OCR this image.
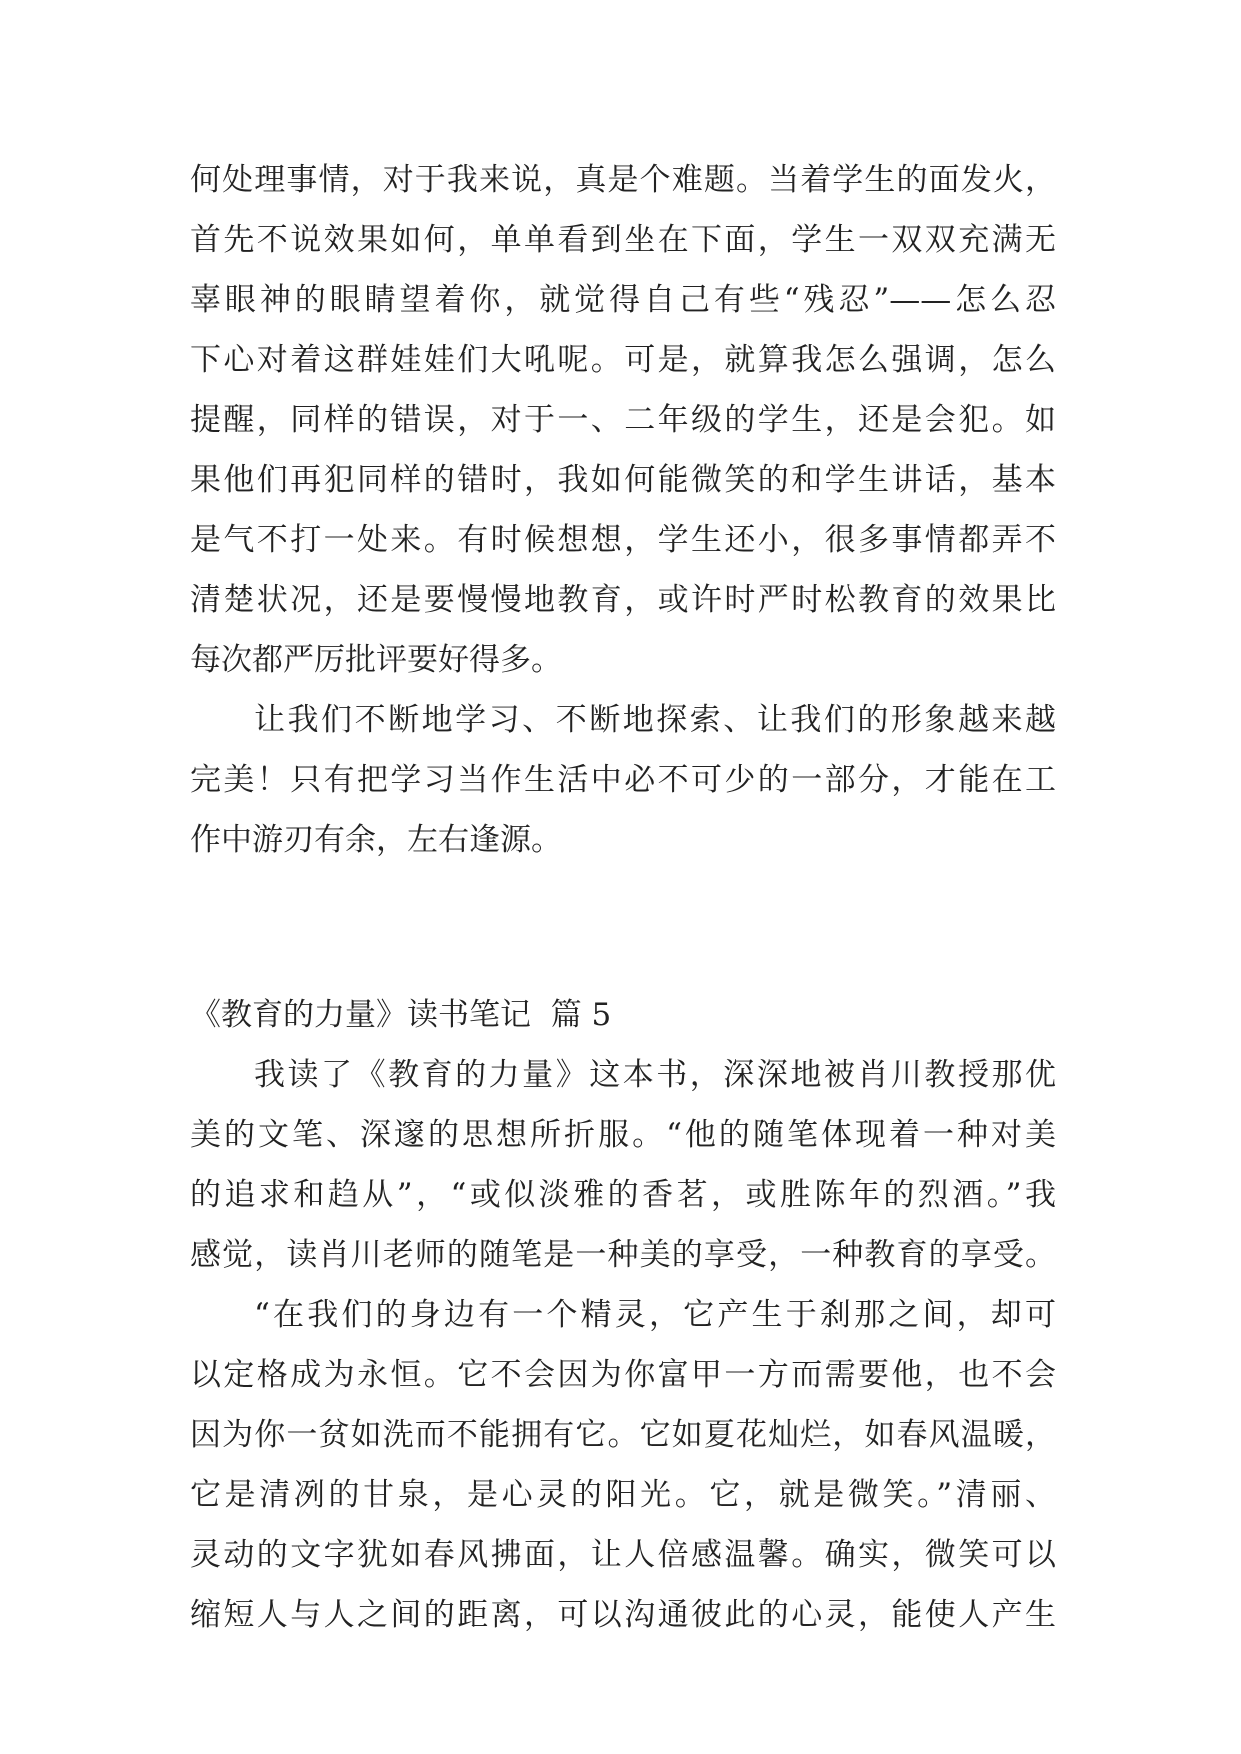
何处理事情，对于我来说，真是个难题。当着学生的面发火，
首先不说效果如何，单单看到坐在下面，学生一双双充满无
辜眼神的眼睛望着你，就觉得自己有些“残忍”——怎么忍
下心对着这群娃娃们大吼呢。可是，就算我怎么强调，怎么
提醒，同样的错误，对于一、二年级的学生，还是会犯。如
果他们再犯同样的错时，我如何能微笑的和学生讲话，基本
是气不打一处来。有时候想想，学生还小，很多事情都弄不
清楚状况，还是要慢慢地教育，或许时严时松教育的效果比
每次都严厉批评要好得多。
让我们不断地学习、不断地探索、让我们的形象越来越
完美！只有把学习当作生活中必不可少的一部分，才能在工
作中游刃有余，左右逢源。
《教育的力量》读书笔记  篇 5
我读了《教育的力量》这本书，深深地被肖川教授那优
美的文笔、深邃的思想所折服。“他的随笔体现着一种对美
的追求和趋从”，“或似淡雅的香茗，或胜陈年的烈酒。”我
感觉，读肖川老师的随笔是一种美的享受，一种教育的享受。
“在我们的身边有一个精灵，它产生于刹那之间，却可
以定格成为永恒。它不会因为你富甲一方而需要他，也不会
因为你一贫如洗而不能拥有它。它如夏花灿烂，如春风温暖，
它是清冽的甘泉，是心灵的阳光。它，就是微笑。”清丽、
灵动的文字犹如春风拂面，让人倍感温馨。确实，微笑可以
缩短人与人之间的距离，可以沟通彼此的心灵，能使人产生
